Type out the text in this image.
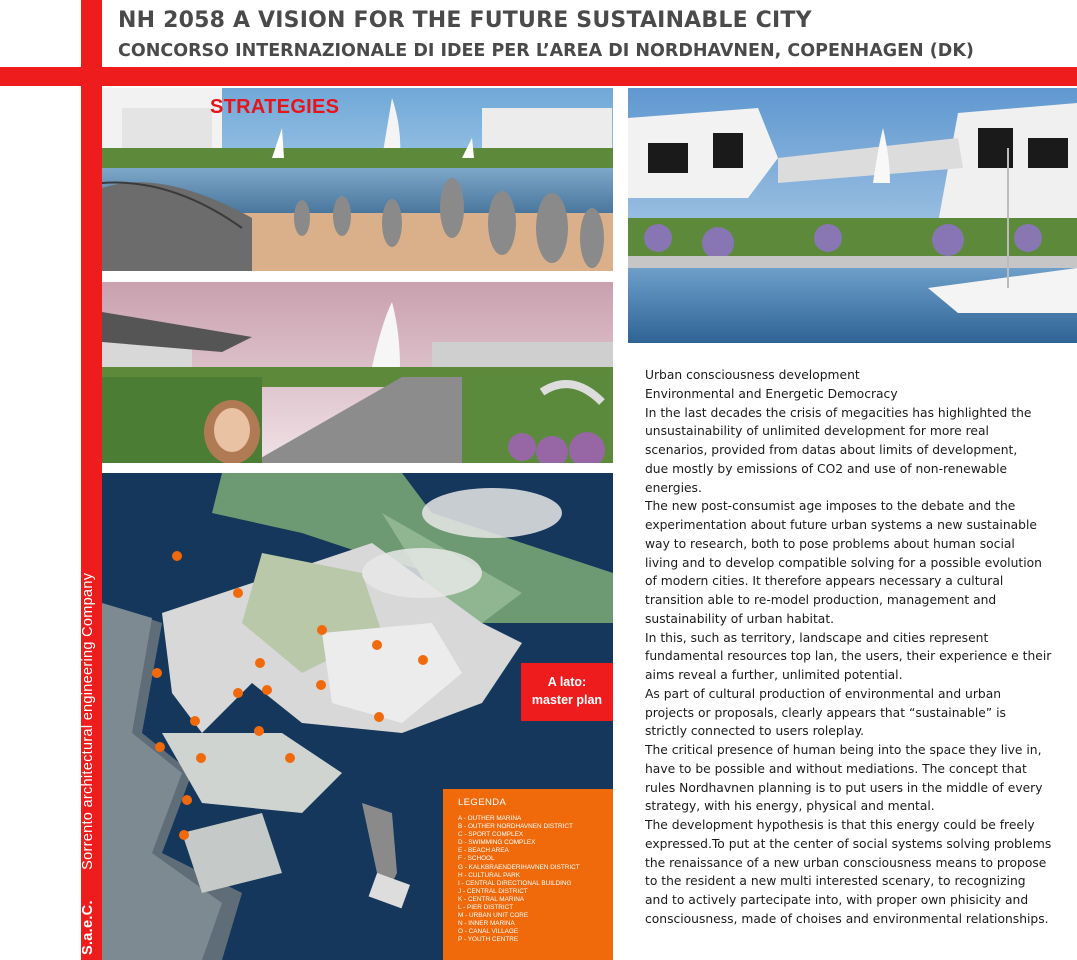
NH 2058 A VISION FOR THE FUTURE SUSTAINABLE CITY
CONCORSO INTERNAZIONALE DI IDEE PER L’AREA DI NORDHAVNEN, COPENHAGEN (DK)
S.a.e.C. Sorrento architectural engineering Company
STRATEGIES
A lato:
master plan
LEGENDA
A - OUTHER MARINA
B - OUTHER NORDHAVNEN DISTRICT
C - SPORT COMPLEX
D - SWIMMING COMPLEX
E - BEACH AREA
F - SCHOOL
G - KALKBRAENDERIHAVNEN DISTRICT
H - CULTURAL PARK
I - CENTRAL DIRECTIONAL BUILDING
J - CENTRAL DISTRICT
K - CENTRAL MARINA
L - PIER DISTRICT
M - URBAN UNIT CORE
N - INNER MARINA
O - CANAL VILLAGE
P - YOUTH CENTRE

Urban consciousness development

Environmental and Energetic Democracy

In the last decades the crisis of megacities has highlighted the

unsustainability of unlimited development for more real

scenarios, provided from datas about limits of development,

due mostly by emissions of CO2 and use of non-renewable

energies.

The new post-consumist age imposes to the debate and the

experimentation about future urban systems a new sustainable

way to research, both to pose problems about human social

living and to develop compatible solving for a possible evolution

of modern cities. It therefore appears necessary a cultural

transition able to re-model production, management and

sustainability of urban habitat.

In this, such as territory, landscape and cities represent

fundamental resources top lan, the users, their experience e their

aims reveal a further, unlimited potential.

As part of cultural production of environmental and urban

projects or proposals, clearly appears that “sustainable” is

strictly connected to users roleplay.

The critical presence of human being into the space they live in,

have to be possible and without mediations. The concept that

rules Nordhavnen planning is to put users in the middle of every

strategy, with his energy, physical and mental.

The development hypothesis is that this energy could be freely

expressed.To put at the center of social systems solving problems

the renaissance of a new urban consciousness means to propose

to the resident a new multi interested scenary, to recognizing

and to actively partecipate into, with proper own phisicity and

consciousness, made of choises and environmental relationships.
